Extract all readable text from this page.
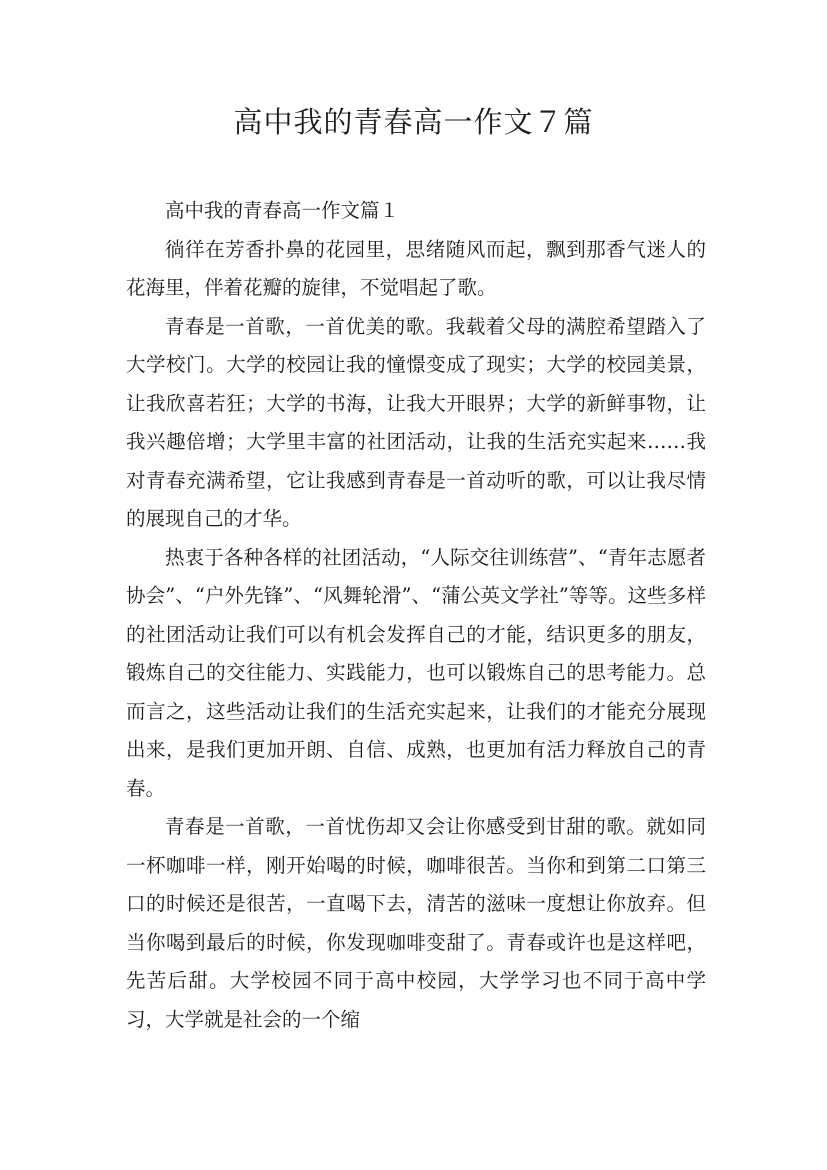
高中我的青春高一作文７篇

高中我的青春高一作文篇１

徜徉在芳香扑鼻的花园里，思绪随风而起，飘到那香气迷人的花海里，伴着花瓣的旋律，不觉唱起了歌。

青春是一首歌，一首优美的歌。我载着父母的满腔希望踏入了大学校门。大学的校园让我的憧憬变成了现实；大学的校园美景，让我欣喜若狂；大学的书海，让我大开眼界；大学的新鲜事物，让我兴趣倍增；大学里丰富的社团活动，让我的生活充实起来……我对青春充满希望，它让我感到青春是一首动听的歌，可以让我尽情的展现自己的才华。

热衷于各种各样的社团活动，“人际交往训练营”、“青年志愿者协会”、“户外先锋”、“风舞轮滑”、“蒲公英文学社”等等。这些多样的社团活动让我们可以有机会发挥自己的才能，结识更多的朋友，锻炼自己的交往能力、实践能力，也可以锻炼自己的思考能力。总而言之，这些活动让我们的生活充实起来，让我们的才能充分展现出来，是我们更加开朗、自信、成熟，也更加有活力释放自己的青春。

青春是一首歌，一首忧伤却又会让你感受到甘甜的歌。就如同一杯咖啡一样，刚开始喝的时候，咖啡很苦。当你和到第二口第三口的时候还是很苦，一直喝下去，清苦的滋味一度想让你放弃。但当你喝到最后的时候，你发现咖啡变甜了。青春或许也是这样吧，先苦后甜。大学校园不同于高中校园，大学学习也不同于高中学习，大学就是社会的一个缩
